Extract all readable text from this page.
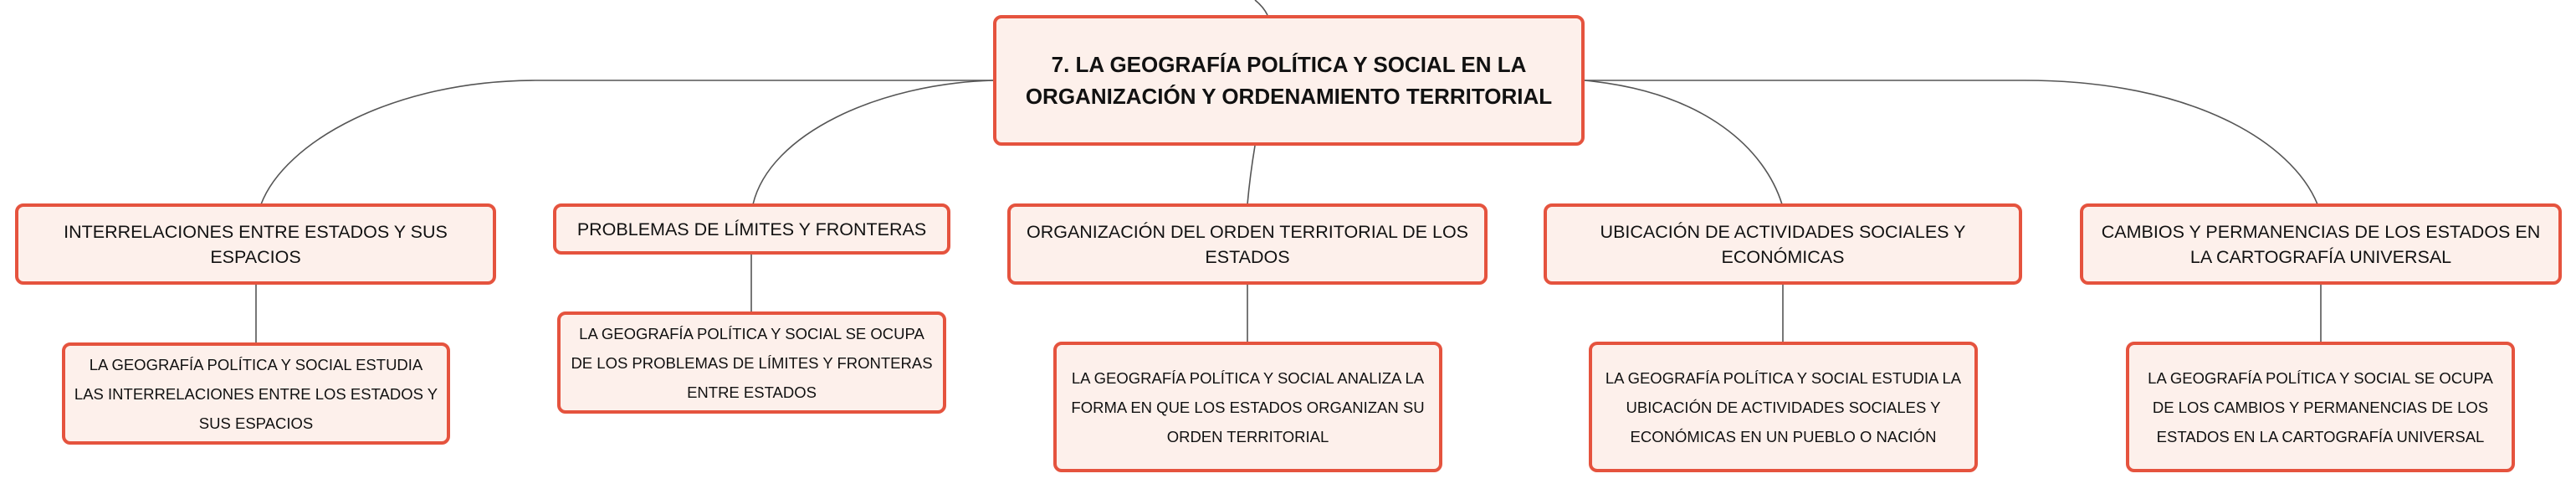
7. LA GEOGRAFÍA POLÍTICA Y SOCIAL EN LA ORGANIZACIÓN Y ORDENAMIENTO TERRITORIAL
INTERRELACIONES ENTRE ESTADOS Y SUS ESPACIOS
PROBLEMAS DE LÍMITES Y FRONTERAS	ORGANIZACIÓN DEL ORDEN TERRITORIAL DE LOS ESTADOS
UBICACIÓN DE ACTIVIDADES SOCIALES Y ECONÓMICAS
CAMBIOS Y PERMANENCIAS DE LOS ESTADOS EN LA CARTOGRAFÍA UNIVERSAL
LA GEOGRAFÍA POLÍTICA Y SOCIAL ESTUDIA LAS INTERRELACIONES ENTRE LOS ESTADOS Y SUS ESPACIOS
LA GEOGRAFÍA POLÍTICA Y SOCIAL SE OCUPA DE LOS PROBLEMAS DE LÍMITES Y FRONTERAS ENTRE ESTADOS
LA GEOGRAFÍA POLÍTICA Y SOCIAL ANALIZA LA FORMA EN QUE LOS ESTADOS ORGANIZAN SU ORDEN TERRITORIAL
LA GEOGRAFÍA POLÍTICA Y SOCIAL ESTUDIA LA UBICACIÓN DE ACTIVIDADES SOCIALES Y ECONÓMICAS EN UN PUEBLO O NACIÓN
LA GEOGRAFÍA POLÍTICA Y SOCIAL SE OCUPA DE LOS CAMBIOS Y PERMANENCIAS DE LOS ESTADOS EN LA CARTOGRAFÍA UNIVERSAL
